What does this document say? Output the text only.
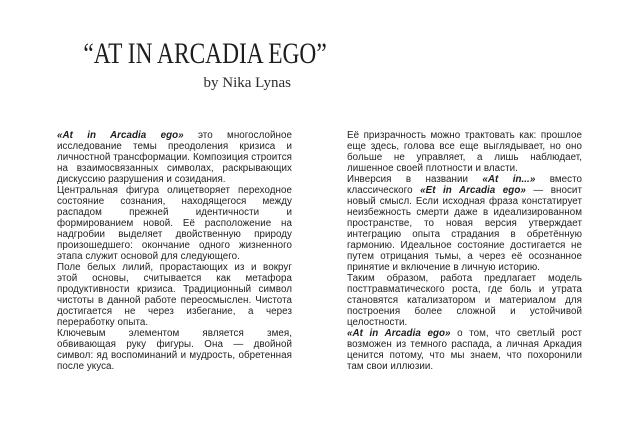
“AT IN ARCADIA EGO”
by Nika Lynas

«At in Arcadia ego» это многослойное исследование темы преодоления кризиса и личностной трансформации. Композиция строится на взаимосвязанных символах, раскрывающих дискуссию разрушения и созидания.

Центральная фигура олицетворяет переходное состояние сознания, находящегося между распадом прежней идентичности и формированием новой. Её расположение на надгробии выделяет двойственную природу произошедшего: окончание одного жизненного этапа служит основой для следующего.

Поле белых лилий, прорастающих из и вокруг этой основы, считывается как метафора продуктивности кризиса. Традиционный символ чистоты в данной работе переосмыслен. Чистота достигается не через избегание, а через переработку опыта.

Ключевым элементом является змея, обвивающая руку фигуры. Она — двойной символ: яд воспоминаний и мудрость, обретенная после укуса.

Её призрачность можно трактовать как: прошлое еще здесь, голова все еще выглядывает, но оно больше не управляет, а лишь наблюдает, лишенное своей плотности и власти.

Инверсия в названии «At in...» вместо классического «Et in Arcadia ego» — вносит новый смысл. Если исходная фраза констатирует неизбежность смерти даже в идеализированном пространстве, то новая версия утверждает интеграцию опыта страдания в обретённую гармонию. Идеальное состояние достигается не путем отрицания тьмы, а через её осознанное принятие и включение в личную историю.

Таким образом, работа предлагает модель посттравматического роста, где боль и утрата становятся катализатором и материалом для построения более сложной и устойчивой целостности.

«At in Arcadia ego» о том, что светлый рост возможен из темного распада, а личная Аркадия ценится потому, что мы знаем, что похоронили там свои иллюзии.
